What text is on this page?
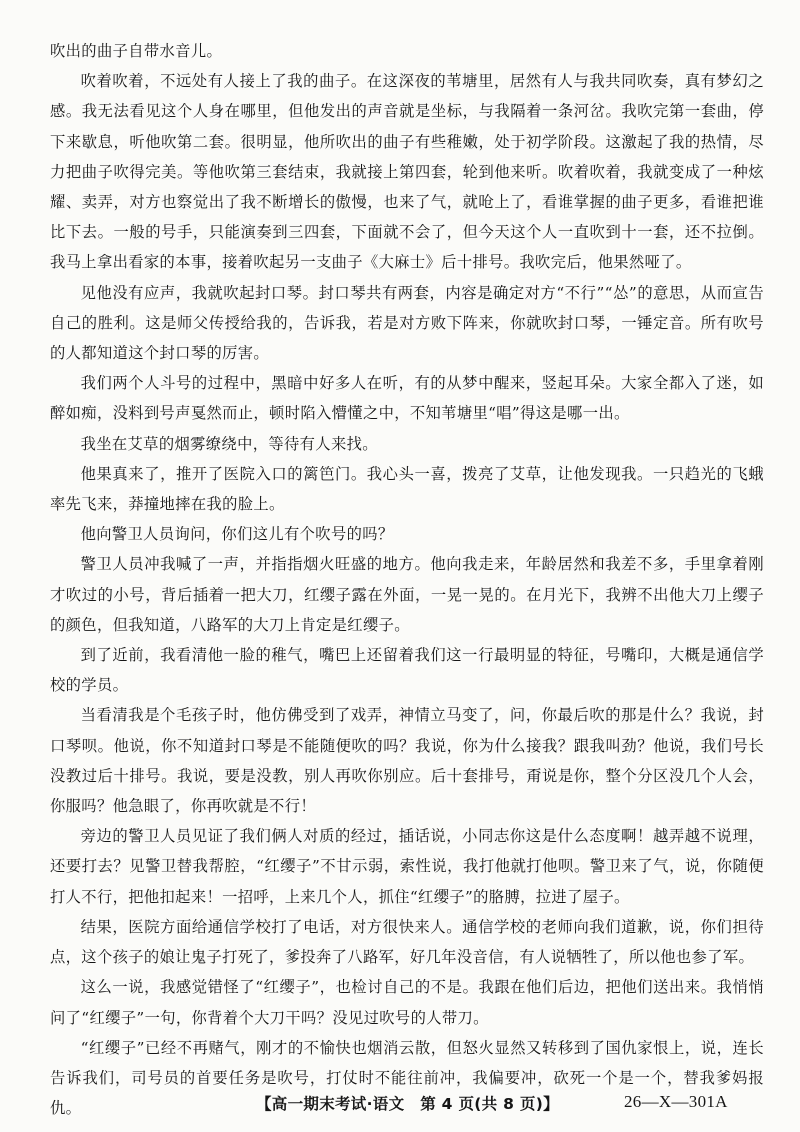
吹出的曲子自带水音儿。

吹着吹着，不远处有人接上了我的曲子。在这深夜的苇塘里，居然有人与我共同吹奏，真有梦幻之感。我无法看见这个人身在哪里，但他发出的声音就是坐标，与我隔着一条河岔。我吹完第一套曲，停下来歇息，听他吹第二套。很明显，他所吹出的曲子有些稚嫩，处于初学阶段。这激起了我的热情，尽力把曲子吹得完美。等他吹第三套结束，我就接上第四套，轮到他来听。吹着吹着，我就变成了一种炫耀、卖弄，对方也察觉出了我不断增长的傲慢，也来了气，就呛上了，看谁掌握的曲子更多，看谁把谁比下去。一般的号手，只能演奏到三四套，下面就不会了，但今天这个人一直吹到十一套，还不拉倒。我马上拿出看家的本事，接着吹起另一支曲子《大麻士》后十排号。我吹完后，他果然哑了。

见他没有应声，我就吹起封口琴。封口琴共有两套，内容是确定对方“不行”“怂”的意思，从而宣告自己的胜利。这是师父传授给我的，告诉我，若是对方败下阵来，你就吹封口琴，一锤定音。所有吹号的人都知道这个封口琴的厉害。

我们两个人斗号的过程中，黑暗中好多人在听，有的从梦中醒来，竖起耳朵。大家全都入了迷，如醉如痴，没料到号声戛然而止，顿时陷入懵懂之中，不知苇塘里“唱”得这是哪一出。

我坐在艾草的烟雾缭绕中，等待有人来找。

他果真来了，推开了医院入口的篱笆门。我心头一喜，拨亮了艾草，让他发现我。一只趋光的飞蛾率先飞来，莽撞地摔在我的脸上。

他向警卫人员询问，你们这儿有个吹号的吗？

警卫人员冲我喊了一声，并指指烟火旺盛的地方。他向我走来，年龄居然和我差不多，手里拿着刚才吹过的小号，背后插着一把大刀，红缨子露在外面，一晃一晃的。在月光下，我辨不出他大刀上缨子的颜色，但我知道，八路军的大刀上肯定是红缨子。

到了近前，我看清他一脸的稚气，嘴巴上还留着我们这一行最明显的特征，号嘴印，大概是通信学校的学员。

当看清我是个毛孩子时，他仿佛受到了戏弄，神情立马变了，问，你最后吹的那是什么？我说，封口琴呗。他说，你不知道封口琴是不能随便吹的吗？我说，你为什么接我？跟我叫劲？他说，我们号长没教过后十排号。我说，要是没教，别人再吹你别应。后十套排号，甭说是你，整个分区没几个人会，你服吗？他急眼了，你再吹就是不行！

旁边的警卫人员见证了我们俩人对质的经过，插话说，小同志你这是什么态度啊！越弄越不说理，还要打去？见警卫替我帮腔，“红缨子”不甘示弱，索性说，我打他就打他呗。警卫来了气，说，你随便打人不行，把他扣起来！一招呼，上来几个人，抓住“红缨子”的胳膊，拉进了屋子。

结果，医院方面给通信学校打了电话，对方很快来人。通信学校的老师向我们道歉，说，你们担待点，这个孩子的娘让鬼子打死了，爹投奔了八路军，好几年没音信，有人说牺牲了，所以他也参了军。

这么一说，我感觉错怪了“红缨子”，也检讨自己的不是。我跟在他们后边，把他们送出来。我悄悄问了“红缨子”一句，你背着个大刀干吗？没见过吹号的人带刀。

“红缨子”已经不再赌气，刚才的不愉快也烟消云散，但怒火显然又转移到了国仇家恨上，说，连长告诉我们，司号员的首要任务是吹号，打仗时不能往前冲，我偏要冲，砍死一个是一个，替我爹妈报仇。	【高一期末考试·语文　第 4 页(共 8 页)】	26—X—301A
